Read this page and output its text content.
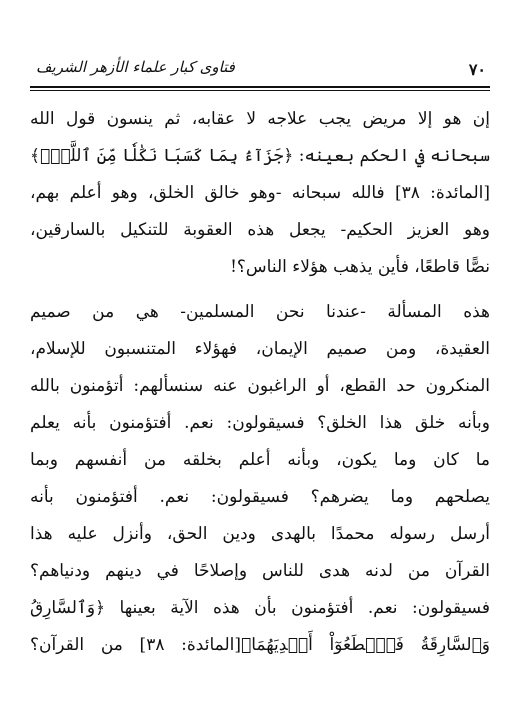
٧٠
فتاوى كبار علماء الأزهر الشريف
إن هو إلا مريض يجب علاجه لا عقابه، ثم ينسون قول الله
سبحانه في الحكم بعينه: ﴿جَزَآءَۢ بِمَا كَسَبَا نَكَٰلٗا مِّنَ ٱللَّهِۗ﴾
[المائدة: ٣٨] فالله سبحانه -وهو خالق الخلق، وهو أعلم بهم،
وهو العزيز الحكيم- يجعل هذه العقوبة للتنكيل بالسارقين،
نصًّا قاطعًا، فأين يذهب هؤلاء الناس؟!
هذه المسألة -عندنا نحن المسلمين- هي من صميم
العقيدة، ومن صميم الإيمان، فهؤلاء المتنسبون للإسلام،
المنكرون حد القطع، أو الراغبون عنه سنسألهم: أتؤمنون بالله
وبأنه خلق هذا الخلق؟ فسيقولون: نعم. أفتؤمنون بأنه يعلم
ما كان وما يكون، وبأنه أعلم بخلقه من أنفسهم وبما
يصلحهم وما يضرهم؟ فسيقولون: نعم. أفتؤمنون بأنه
أرسل رسوله محمدًا بالهدى ودين الحق، وأنزل عليه هذا
القرآن من لدنه هدى للناس وإصلاحًا في دينهم ودنياهم؟
فسيقولون: نعم. أفتؤمنون بأن هذه الآية بعينها ﴿وَٱلسَّارِقُ
وَٱلسَّارِقَةُ فَٱقۡطَعُوٓاْ أَيۡدِيَهُمَا﴾[المائدة: ٣٨] من القرآن؟
